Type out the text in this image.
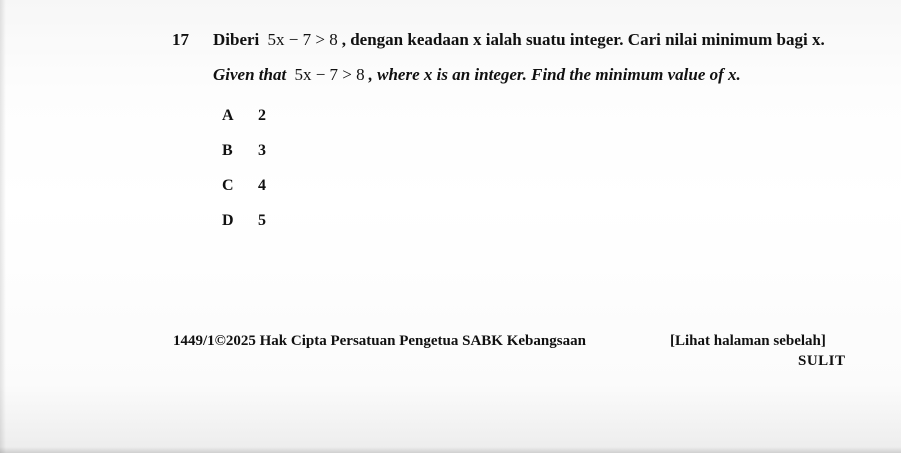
17 Diberi 5x − 7 > 8 , dengan keadaan x ialah suatu integer. Cari nilai minimum bagi x.
Given that 5x − 7 > 8 , where x is an integer. Find the minimum value of x.
A	2
B	3
C	4
D	5
1449/1©2025 Hak Cipta Persatuan Pengetua SABK Kebangsaan	[Lihat halaman sebelah]
SULIT
